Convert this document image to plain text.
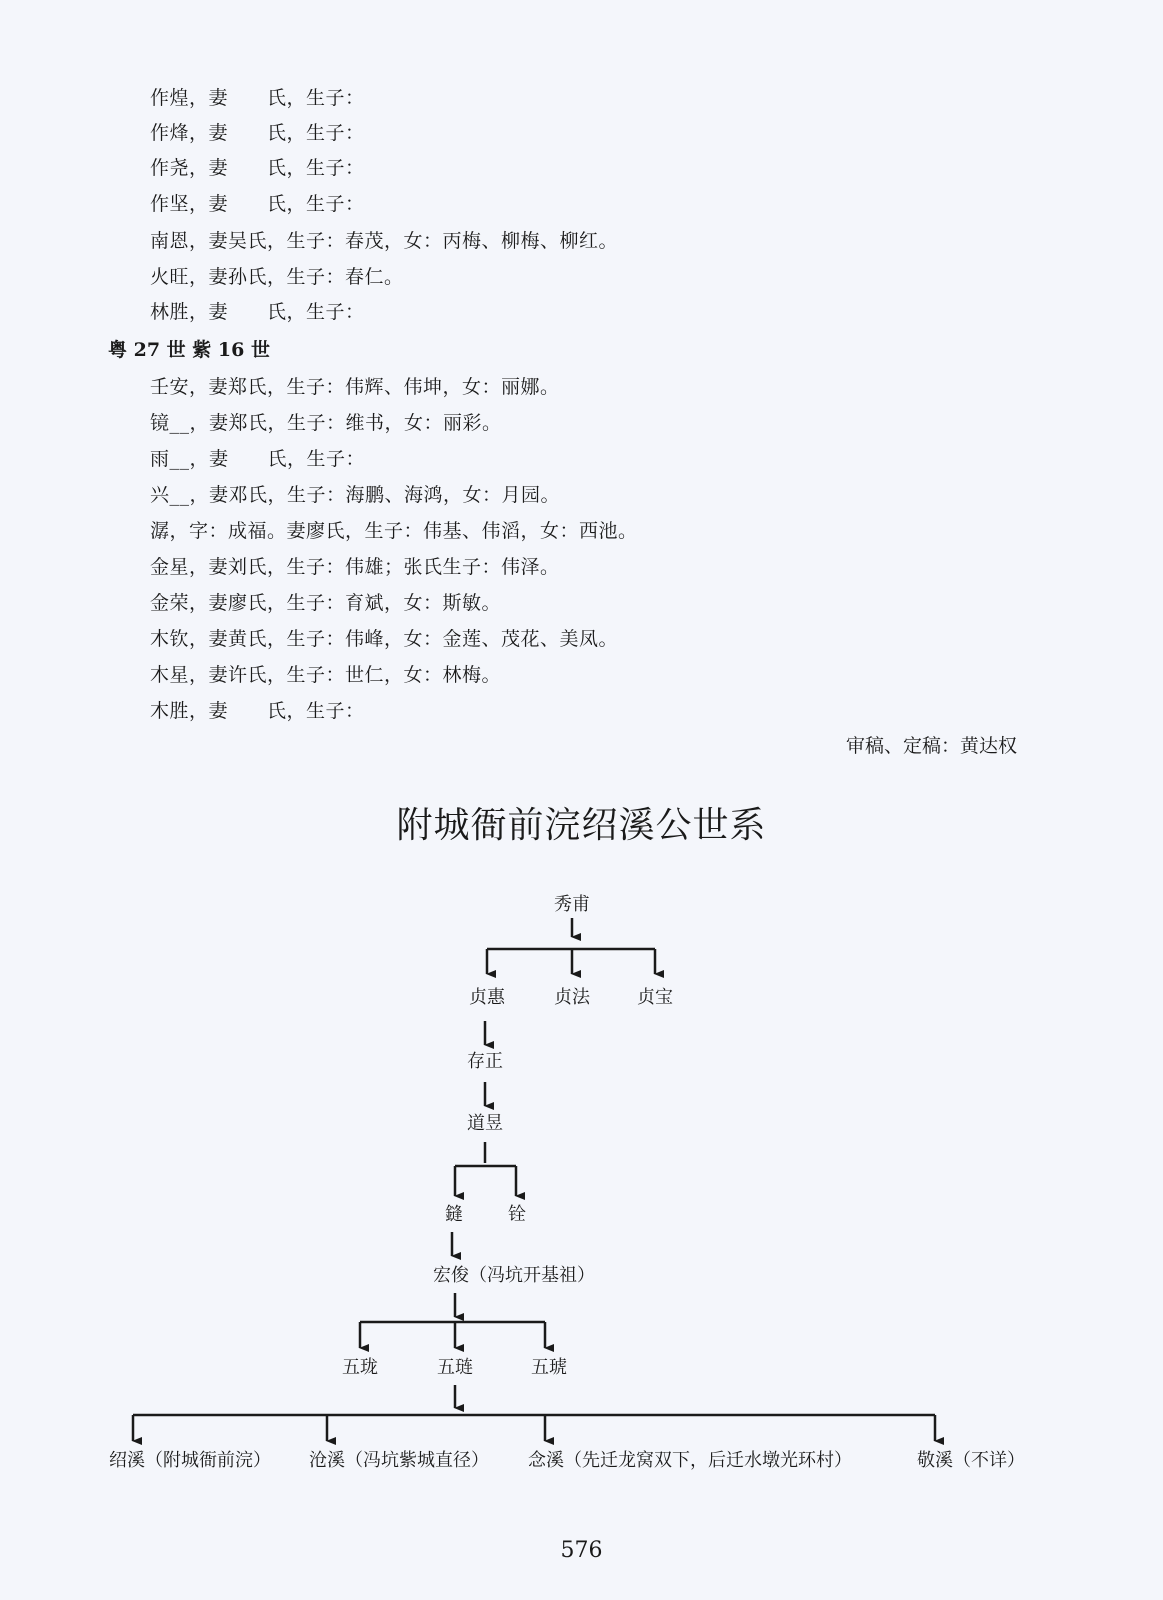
作煌，妻　　氏，生子：
作烽，妻　　氏，生子：
作尧，妻　　氏，生子：
作坚，妻　　氏，生子：
南恩，妻吴氏，生子：春茂，女：丙梅、柳梅、柳红。
火旺，妻孙氏，生子：春仁。
林胜，妻　　氏，生子：
粤 27 世 紫 16 世
壬安，妻郑氏，生子：伟辉、伟坤，女：丽娜。
镜__，妻郑氏，生子：维书，女：丽彩。
雨__，妻　　氏，生子：
兴__，妻邓氏，生子：海鹏、海鸿，女：月园。
潺，字：成福。妻廖氏，生子：伟基、伟滔，女：西池。
金星，妻刘氏，生子：伟雄；张氏生子：伟泽。
金荣，妻廖氏，生子：育斌，女：斯敏。
木钦，妻黄氏，生子：伟峰，女：金莲、茂花、美凤。
木星，妻许氏，生子：世仁，女：林梅。
木胜，妻　　氏，生子：
审稿、定稿：黄达权
附城衙前浣绍溪公世系
秀甫
贞惠	贞法	贞宝
存正
道昱
鏠	铨
宏俊（冯坑开基祖）
五珑	五琏	五琥
绍溪（附城衙前浣） 沧溪（冯坑紫城直径） 念溪（先迁龙窝双下，后迁水墩光环村）	敬溪（不详）
576
